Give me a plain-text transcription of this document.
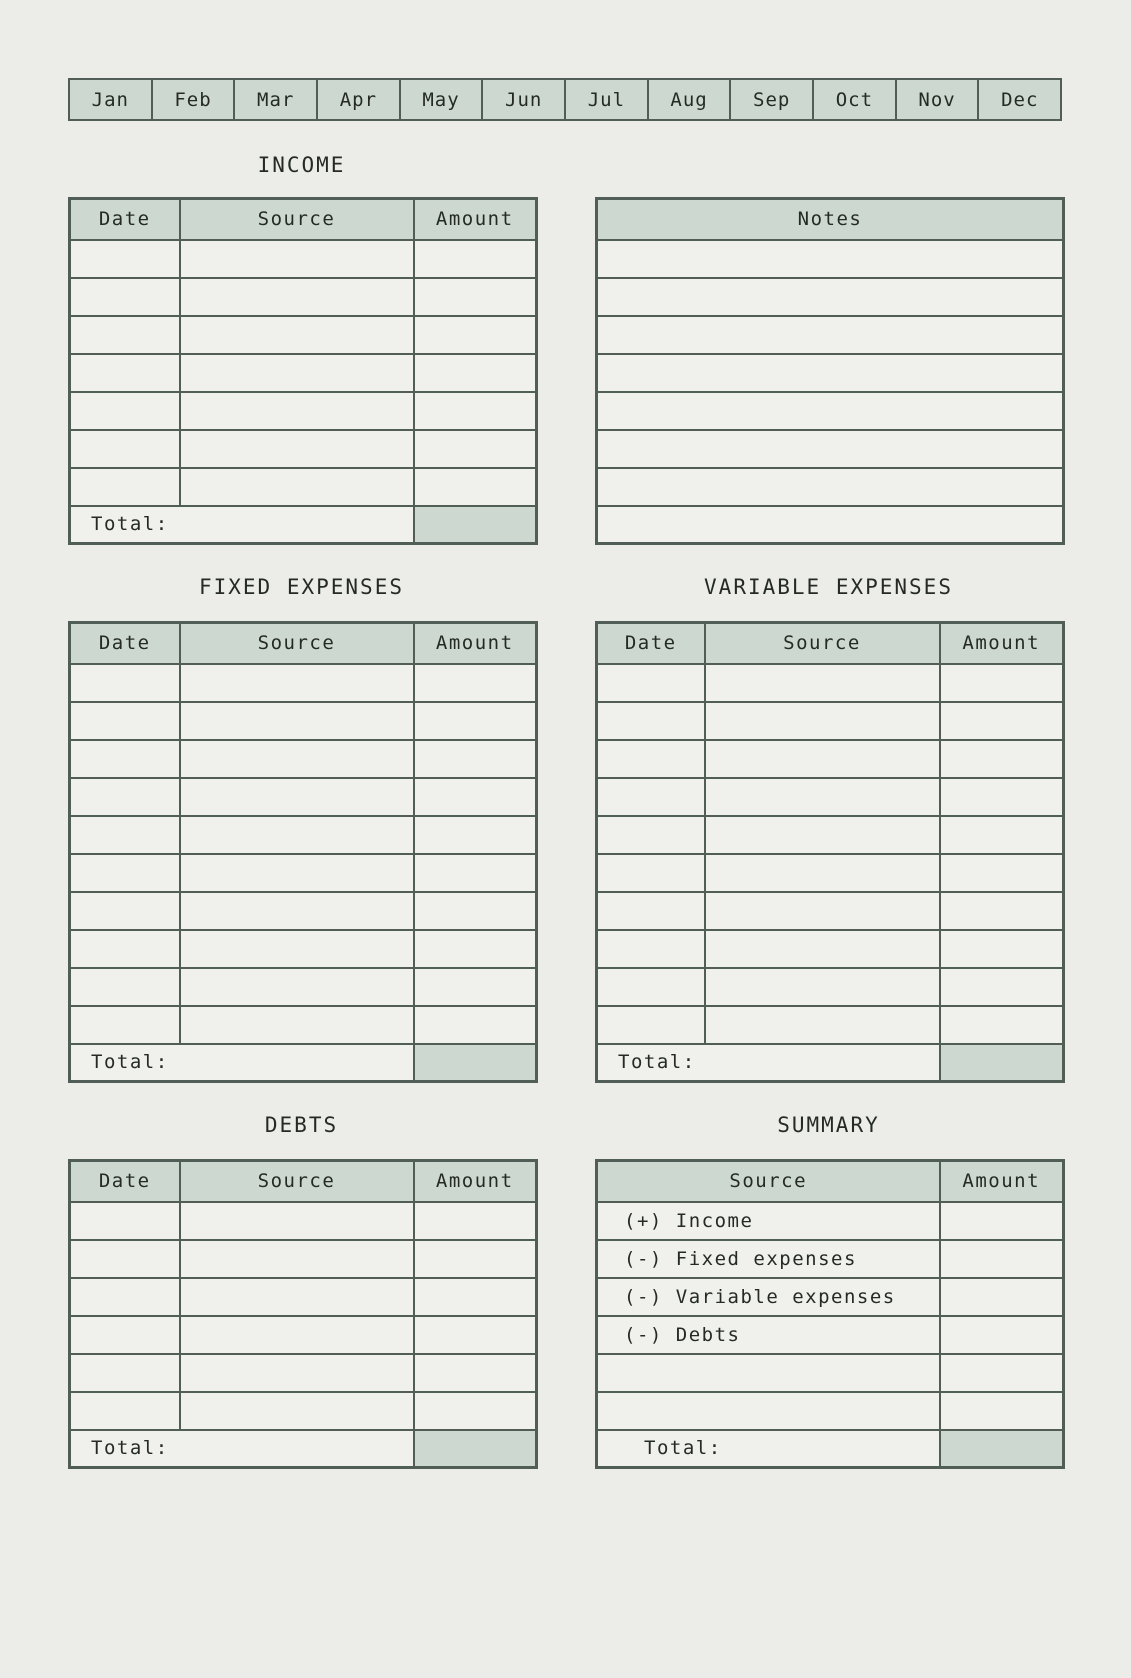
Jan	Feb	Mar	Apr	May	Jun	Jul	Aug	Sep	Oct	Nov	Dec
INCOME
Date	Source	Amount

Total:		
Notes

FIXED EXPENSES
Date	Source	Amount

Total:		
VARIABLE EXPENSES
Date	Source	Amount

Total:		
DEBTS
Date	Source	Amount

Total:		
SUMMARY
Source	Amount
(+) Income	
(-) Fixed expenses	
(-) Variable expenses	
(-) Debts	

Total:	
